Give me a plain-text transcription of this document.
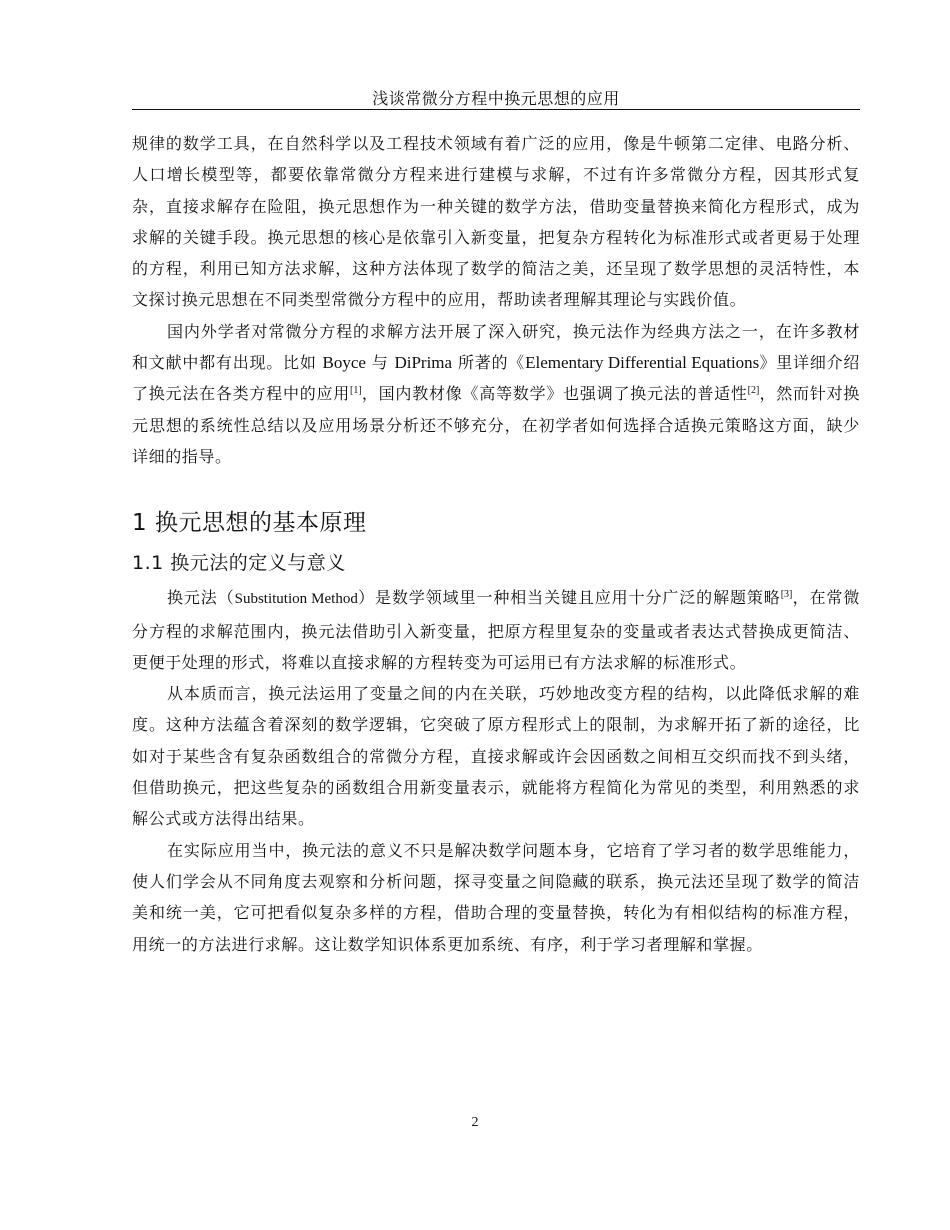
浅谈常微分方程中换元思想的应用

规律的数学工具，在自然科学以及工程技术领域有着广泛的应用，像是牛顿第二定律、电路分析、人口增长模型等，都要依靠常微分方程来进行建模与求解，不过有许多常微分方程，因其形式复杂，直接求解存在险阻，换元思想作为一种关键的数学方法，借助变量替换来简化方程形式，成为求解的关键手段。换元思想的核心是依靠引入新变量，把复杂方程转化为标准形式或者更易于处理的方程，利用已知方法求解，这种方法体现了数学的简洁之美，还呈现了数学思想的灵活特性，本文探讨换元思想在不同类型常微分方程中的应用，帮助读者理解其理论与实践价值。

国内外学者对常微分方程的求解方法开展了深入研究，换元法作为经典方法之一，在许多教材和文献中都有出现。比如 Boyce 与 DiPrima 所著的《Elementary Differential Equations》里详细介绍了换元法在各类方程中的应用[1]，国内教材像《高等数学》也强调了换元法的普适性[2]，然而针对换元思想的系统性总结以及应用场景分析还不够充分，在初学者如何选择合适换元策略这方面，缺少详细的指导。

1 换元思想的基本原理
1.1 换元法的定义与意义

换元法（Substitution Method）是数学领域里一种相当关键且应用十分广泛的解题策略[3]，在常微分方程的求解范围内，换元法借助引入新变量，把原方程里复杂的变量或者表达式替换成更简洁、更便于处理的形式，将难以直接求解的方程转变为可运用已有方法求解的标准形式。

从本质而言，换元法运用了变量之间的内在关联，巧妙地改变方程的结构，以此降低求解的难度。这种方法蕴含着深刻的数学逻辑，它突破了原方程形式上的限制，为求解开拓了新的途径，比如对于某些含有复杂函数组合的常微分方程，直接求解或许会因函数之间相互交织而找不到头绪，但借助换元，把这些复杂的函数组合用新变量表示，就能将方程简化为常见的类型，利用熟悉的求解公式或方法得出结果。

在实际应用当中，换元法的意义不只是解决数学问题本身，它培育了学习者的数学思维能力，使人们学会从不同角度去观察和分析问题，探寻变量之间隐藏的联系，换元法还呈现了数学的简洁美和统一美，它可把看似复杂多样的方程，借助合理的变量替换，转化为有相似结构的标准方程，用统一的方法进行求解。这让数学知识体系更加系统、有序，利于学习者理解和掌握。

2
